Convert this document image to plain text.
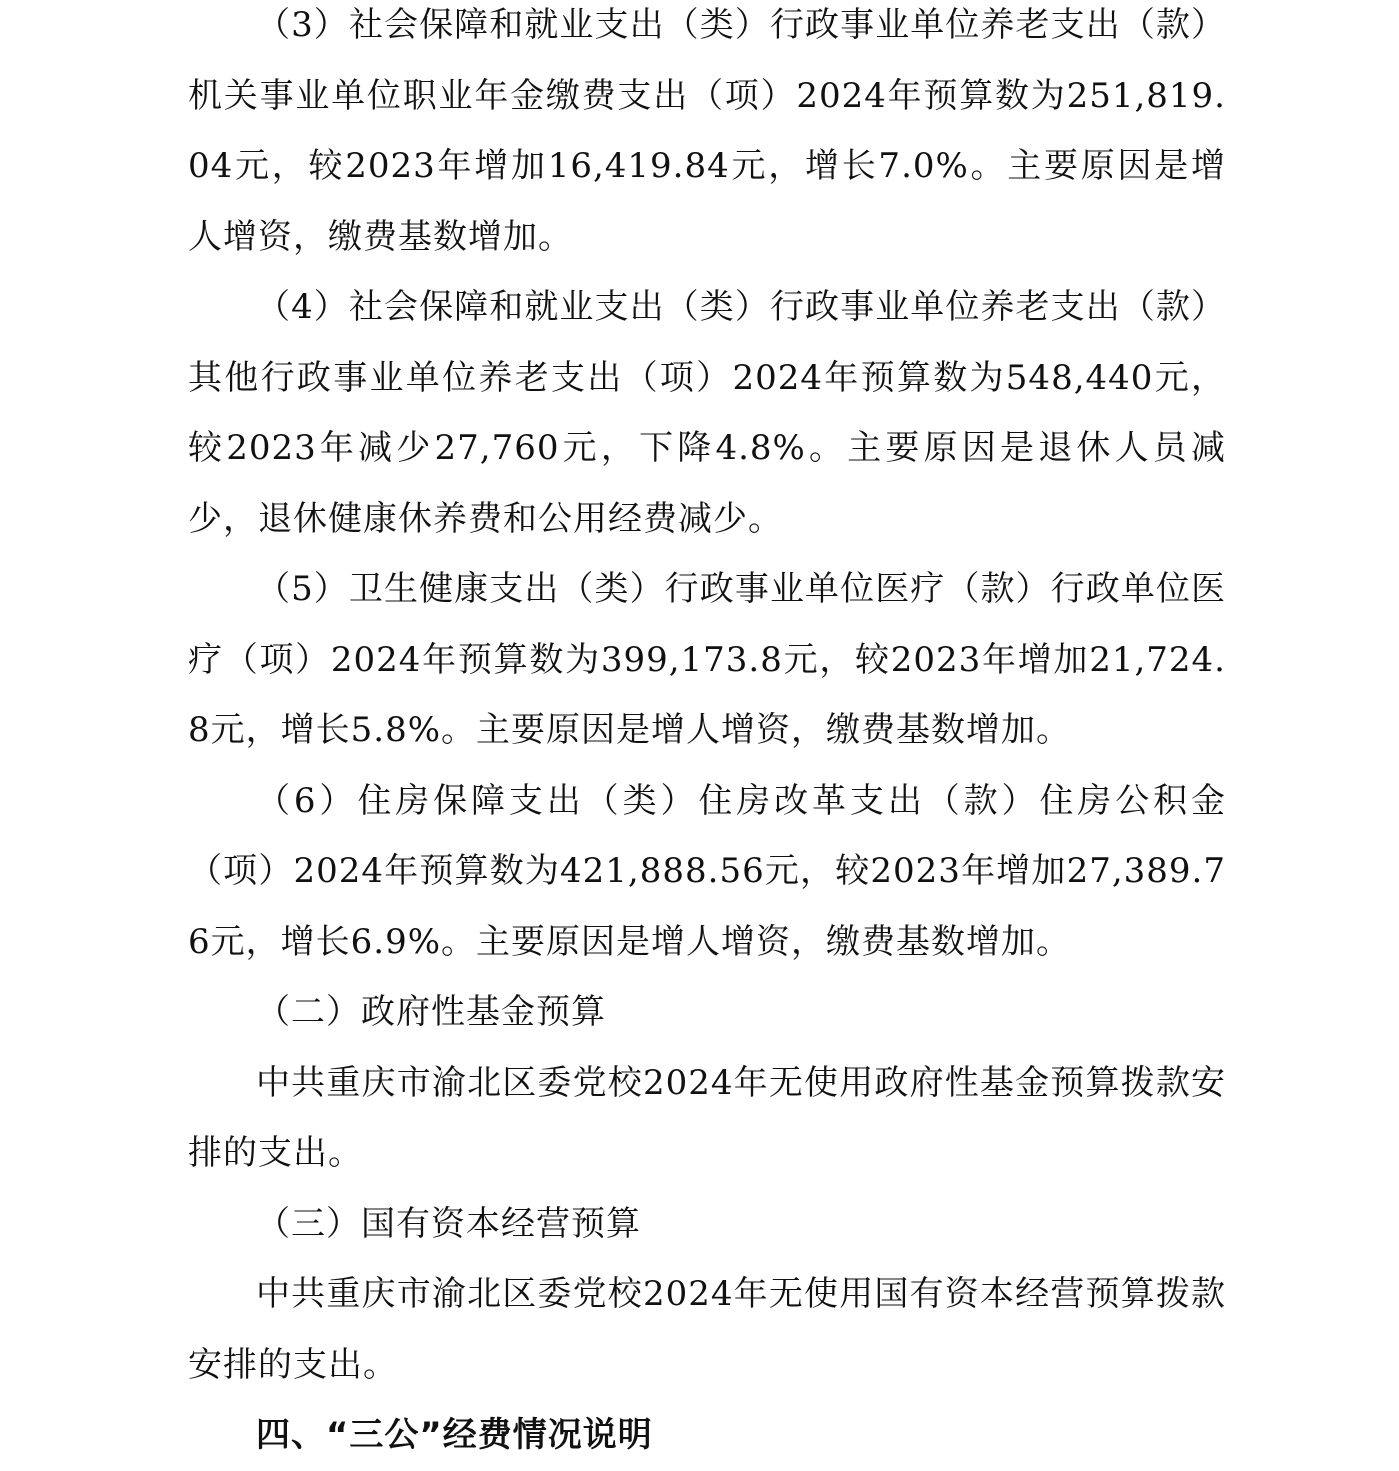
（3）社会保障和就业支出（类）行政事业单位养老支出（款）机关事业单位职业年金缴费支出（项）2024年预算数为251,819.04元，较2023年增加16,419.84元，增长7.0%。主要原因是增人增资，缴费基数增加。

（4）社会保障和就业支出（类）行政事业单位养老支出（款）其他行政事业单位养老支出（项）2024年预算数为548,440元，较2023年减少27,760元，下降4.8%。主要原因是退休人员减少，退休健康休养费和公用经费减少。

（5）卫生健康支出（类）行政事业单位医疗（款）行政单位医疗（项）2024年预算数为399,173.8元，较2023年增加21,724.8元，增长5.8%。主要原因是增人增资，缴费基数增加。

（6）住房保障支出（类）住房改革支出（款）住房公积金（项）2024年预算数为421,888.56元，较2023年增加27,389.76元，增长6.9%。主要原因是增人增资，缴费基数增加。

（二）政府性基金预算

中共重庆市渝北区委党校2024年无使用政府性基金预算拨款安排的支出。

（三）国有资本经营预算

中共重庆市渝北区委党校2024年无使用国有资本经营预算拨款安排的支出。

四、“三公”经费情况说明
